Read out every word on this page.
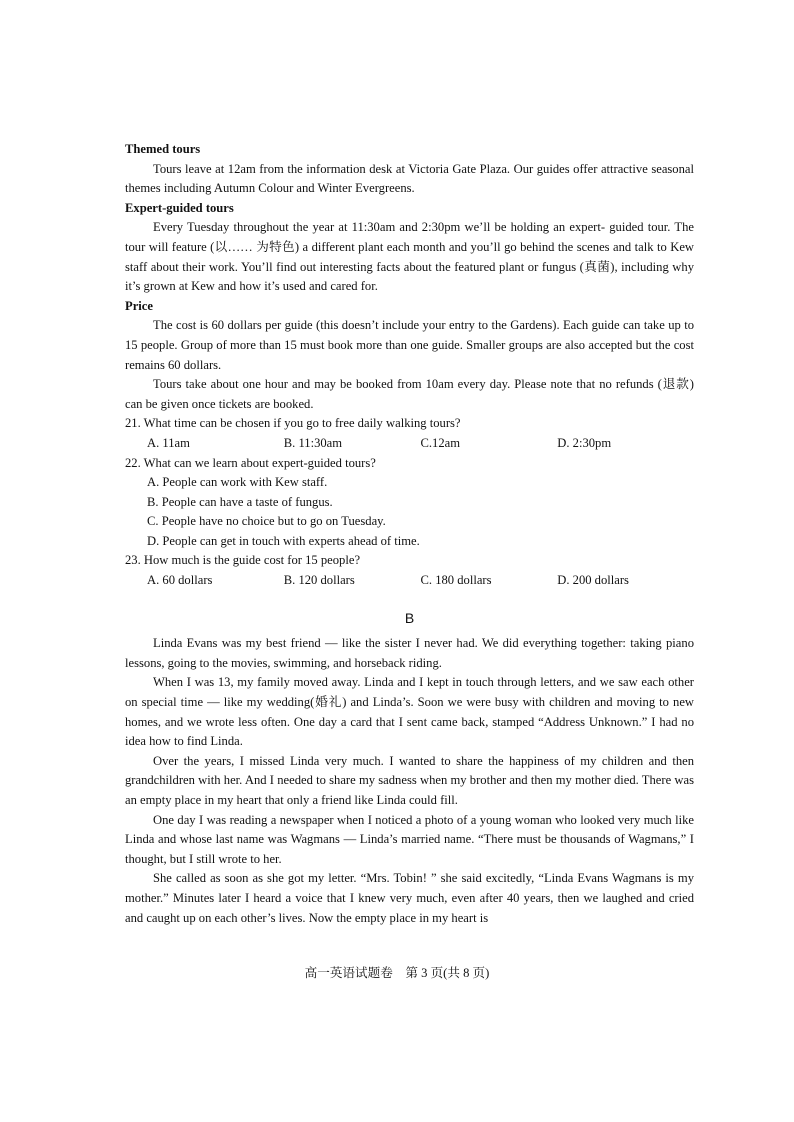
Themed tours

Tours leave at 12am from the information desk at Victoria Gate Plaza. Our guides offer attractive seasonal themes including Autumn Colour and Winter Evergreens.

Expert-guided tours

Every Tuesday throughout the year at 11:30am and 2:30pm we’ll be holding an expert- guided tour. The tour will feature (以…… 为特色) a different plant each month and you’ll go behind the scenes and talk to Kew staff about their work. You’ll find out interesting facts about the featured plant or fungus (真菌), including why it’s grown at Kew and how it’s used and cared for.

Price

The cost is 60 dollars per guide (this doesn’t include your entry to the Gardens). Each guide can take up to 15 people. Group of more than 15 must book more than one guide. Smaller groups are also accepted but the cost remains 60 dollars.

Tours take about one hour and may be booked from 10am every day. Please note that no refunds (退款) can be given once tickets are booked.

21. What time can be chosen if you go to free daily walking tours?

A. 11am	B. 11:30am	C.12am	D. 2:30pm

22. What can we learn about expert-guided tours?

A. People can work with Kew staff.

B. People can have a taste of fungus.

C. People have no choice but to go on Tuesday.

D. People can get in touch with experts ahead of time.

23. How much is the guide cost for 15 people?

A. 60 dollars	B. 120 dollars	C. 180 dollars	D. 200 dollars

B

Linda Evans was my best friend — like the sister I never had. We did everything together: taking piano lessons, going to the movies, swimming, and horseback riding.

When I was 13, my family moved away. Linda and I kept in touch through letters, and we saw each other on special time — like my wedding(婚礼) and Linda’s. Soon we were busy with children and moving to new homes, and we wrote less often. One day a card that I sent came back, stamped “Address Unknown.” I had no idea how to find Linda.

Over the years, I missed Linda very much. I wanted to share the happiness of my children and then grandchildren with her. And I needed to share my sadness when my brother and then my mother died. There was an empty place in my heart that only a friend like Linda could fill.

One day I was reading a newspaper when I noticed a photo of a young woman who looked very much like Linda and whose last name was Wagmans — Linda’s married name. “There must be thousands of Wagmans,” I thought, but I still wrote to her.

She called as soon as she got my letter. “Mrs. Tobin! ” she said excitedly, “Linda Evans Wagmans is my mother.” Minutes later I heard a voice that I knew very much, even after 40 years, then we laughed and cried and caught up on each other’s lives. Now the empty place in my heart is

高一英语试题卷　第 3 页(共 8 页)
